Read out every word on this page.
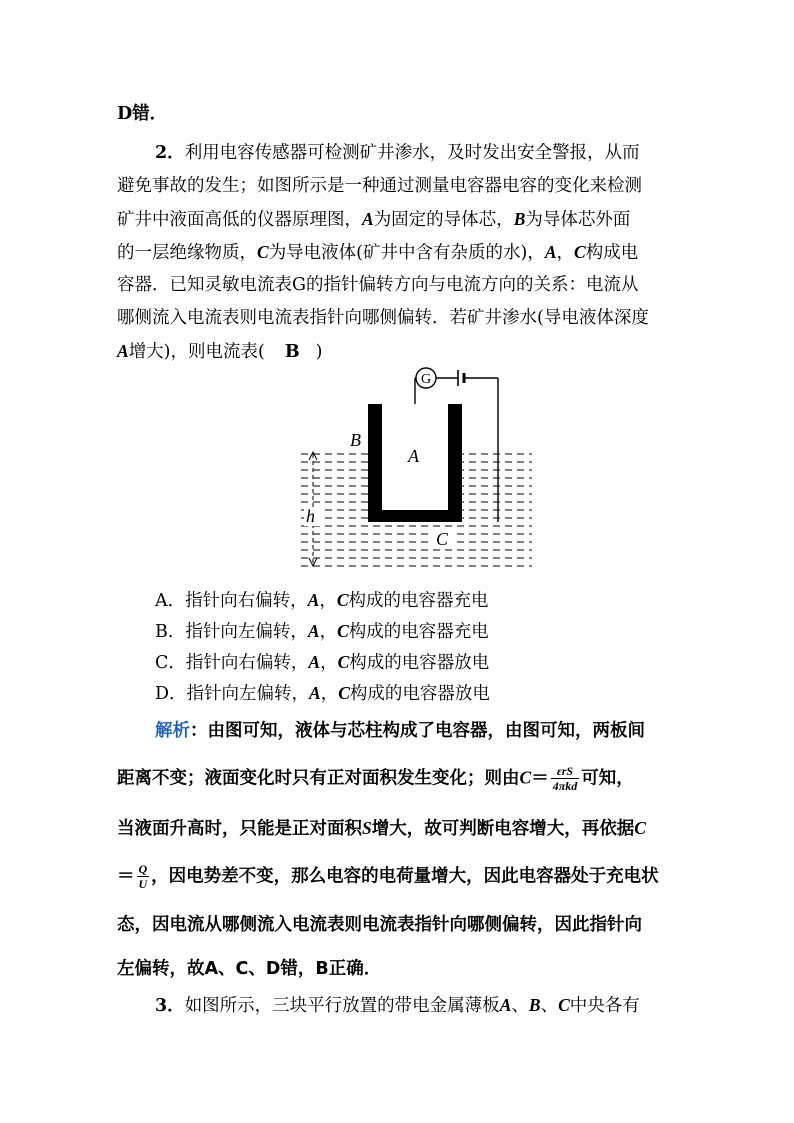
D错．
2．利用电容传感器可检测矿井渗水，及时发出安全警报，从而
避免事故的发生；如图所示是一种通过测量电容器电容的变化来检测
矿井中液面高低的仪器原理图，A为固定的导体芯，B为导体芯外面
的一层绝缘物质，C为导电液体(矿井中含有杂质的水)，A，C构成电
容器．已知灵敏电流表G的指针偏转方向与电流方向的关系：电流从
哪侧流入电流表则电流表指针向哪侧偏转．若矿井渗水(导电液体深度
A增大)，则电流表( B )
G
B
A
h
C
A．指针向右偏转，A，C构成的电容器充电
B．指针向左偏转，A，C构成的电容器充电
C．指针向右偏转，A，C构成的电容器放电
D．指针向左偏转，A，C构成的电容器放电
解析：由图可知，液体与芯柱构成了电容器，由图可知，两板间
距离不变；液面变化时只有正对面积发生变化；则由$C= \frac{\text{εrS}}{\text{4πkd}}$ 可知，
当液面升高时，只能是正对面积S增大，故可判断电容增大，再依据C
＝ $\frac{Q}{U}$ ，因电势差不变，那么电容的电荷量增大，因此电容器处于充电状
态，因电流从哪侧流入电流表则电流表指针向哪侧偏转，因此指针向
左偏转，故A、C、D错，B正确．
3．如图所示，三块平行放置的带电金属薄板A、B、C中央各有
